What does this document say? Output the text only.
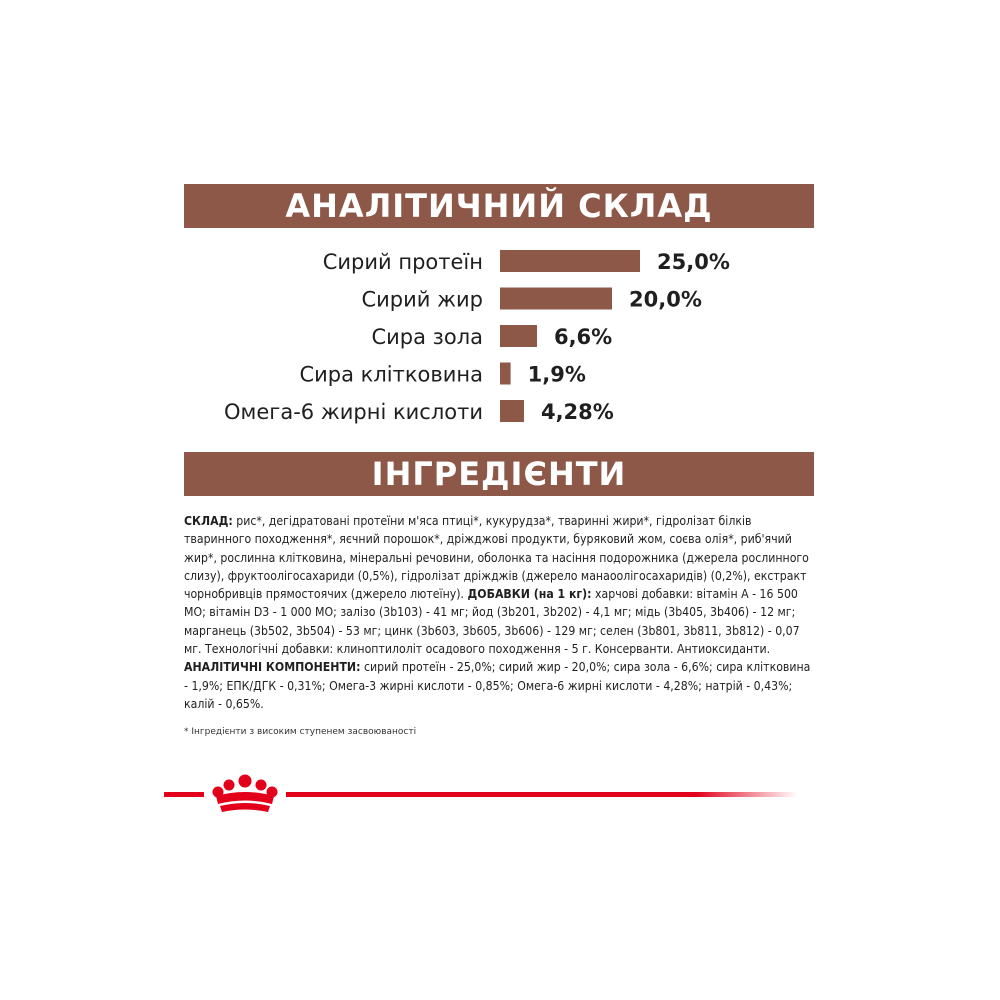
АНАЛІТИЧНИЙ СКЛАД
Сирий протеїн	25,0%
Сирий жир	20,0%
Сира зола	6,6%
Сира клітковина 1,9%
Омега-6 жирні кислоти	4,28%
ІНГРЕДІЄНТИ

СКЛАД: рис*, дегідратовані протеїни м'яса птиці*, кукурудза*, тваринні жири*, гідролізат білків тваринного походження*, яєчний порошок*, дріжджові продукти, буряковий жом, соєва олія*, риб'ячий жир*, рослинна клітковина, мінеральні речовини, оболонка та насіння подорожника (джерела рослинного слизу), фруктоолігосахариди (0,5%), гідролізат дріжджів (джерело манаоолігосахаридів) (0,2%), екстракт чорнобривців прямостоячих (джерело лютеїну). ДОБАВКИ (на 1 кг): харчові добавки: вітамін A - 16 500 МО; вітамін D3 - 1 000 МО; залізо (3b103) - 41 мг; йод (3b201, 3b202) - 4,1 мг; мідь (3b405, 3b406) - 12 мг; марганець (3b502, 3b504) - 53 мг; цинк (3b603, 3b605, 3b606) - 129 мг; селен (3b801, 3b811, 3b812) - 0,07 мг. Технологічні добавки: клиноптилоліт осадового походження - 5 г. Консерванти. Антиоксиданти. АНАЛІТИЧНІ КОМПОНЕНТИ: сирий протеїн - 25,0%; сирий жир - 20,0%; сира зола - 6,6%; сира клітковина - 1,9%; ЕПК/ДГК - 0,31%; Омега-3 жирні кислоти - 0,85%; Омега-6 жирні кислоти - 4,28%; натрій - 0,43%; калій - 0,65%.

* Інгредієнти з високим ступенем засвоюваності
